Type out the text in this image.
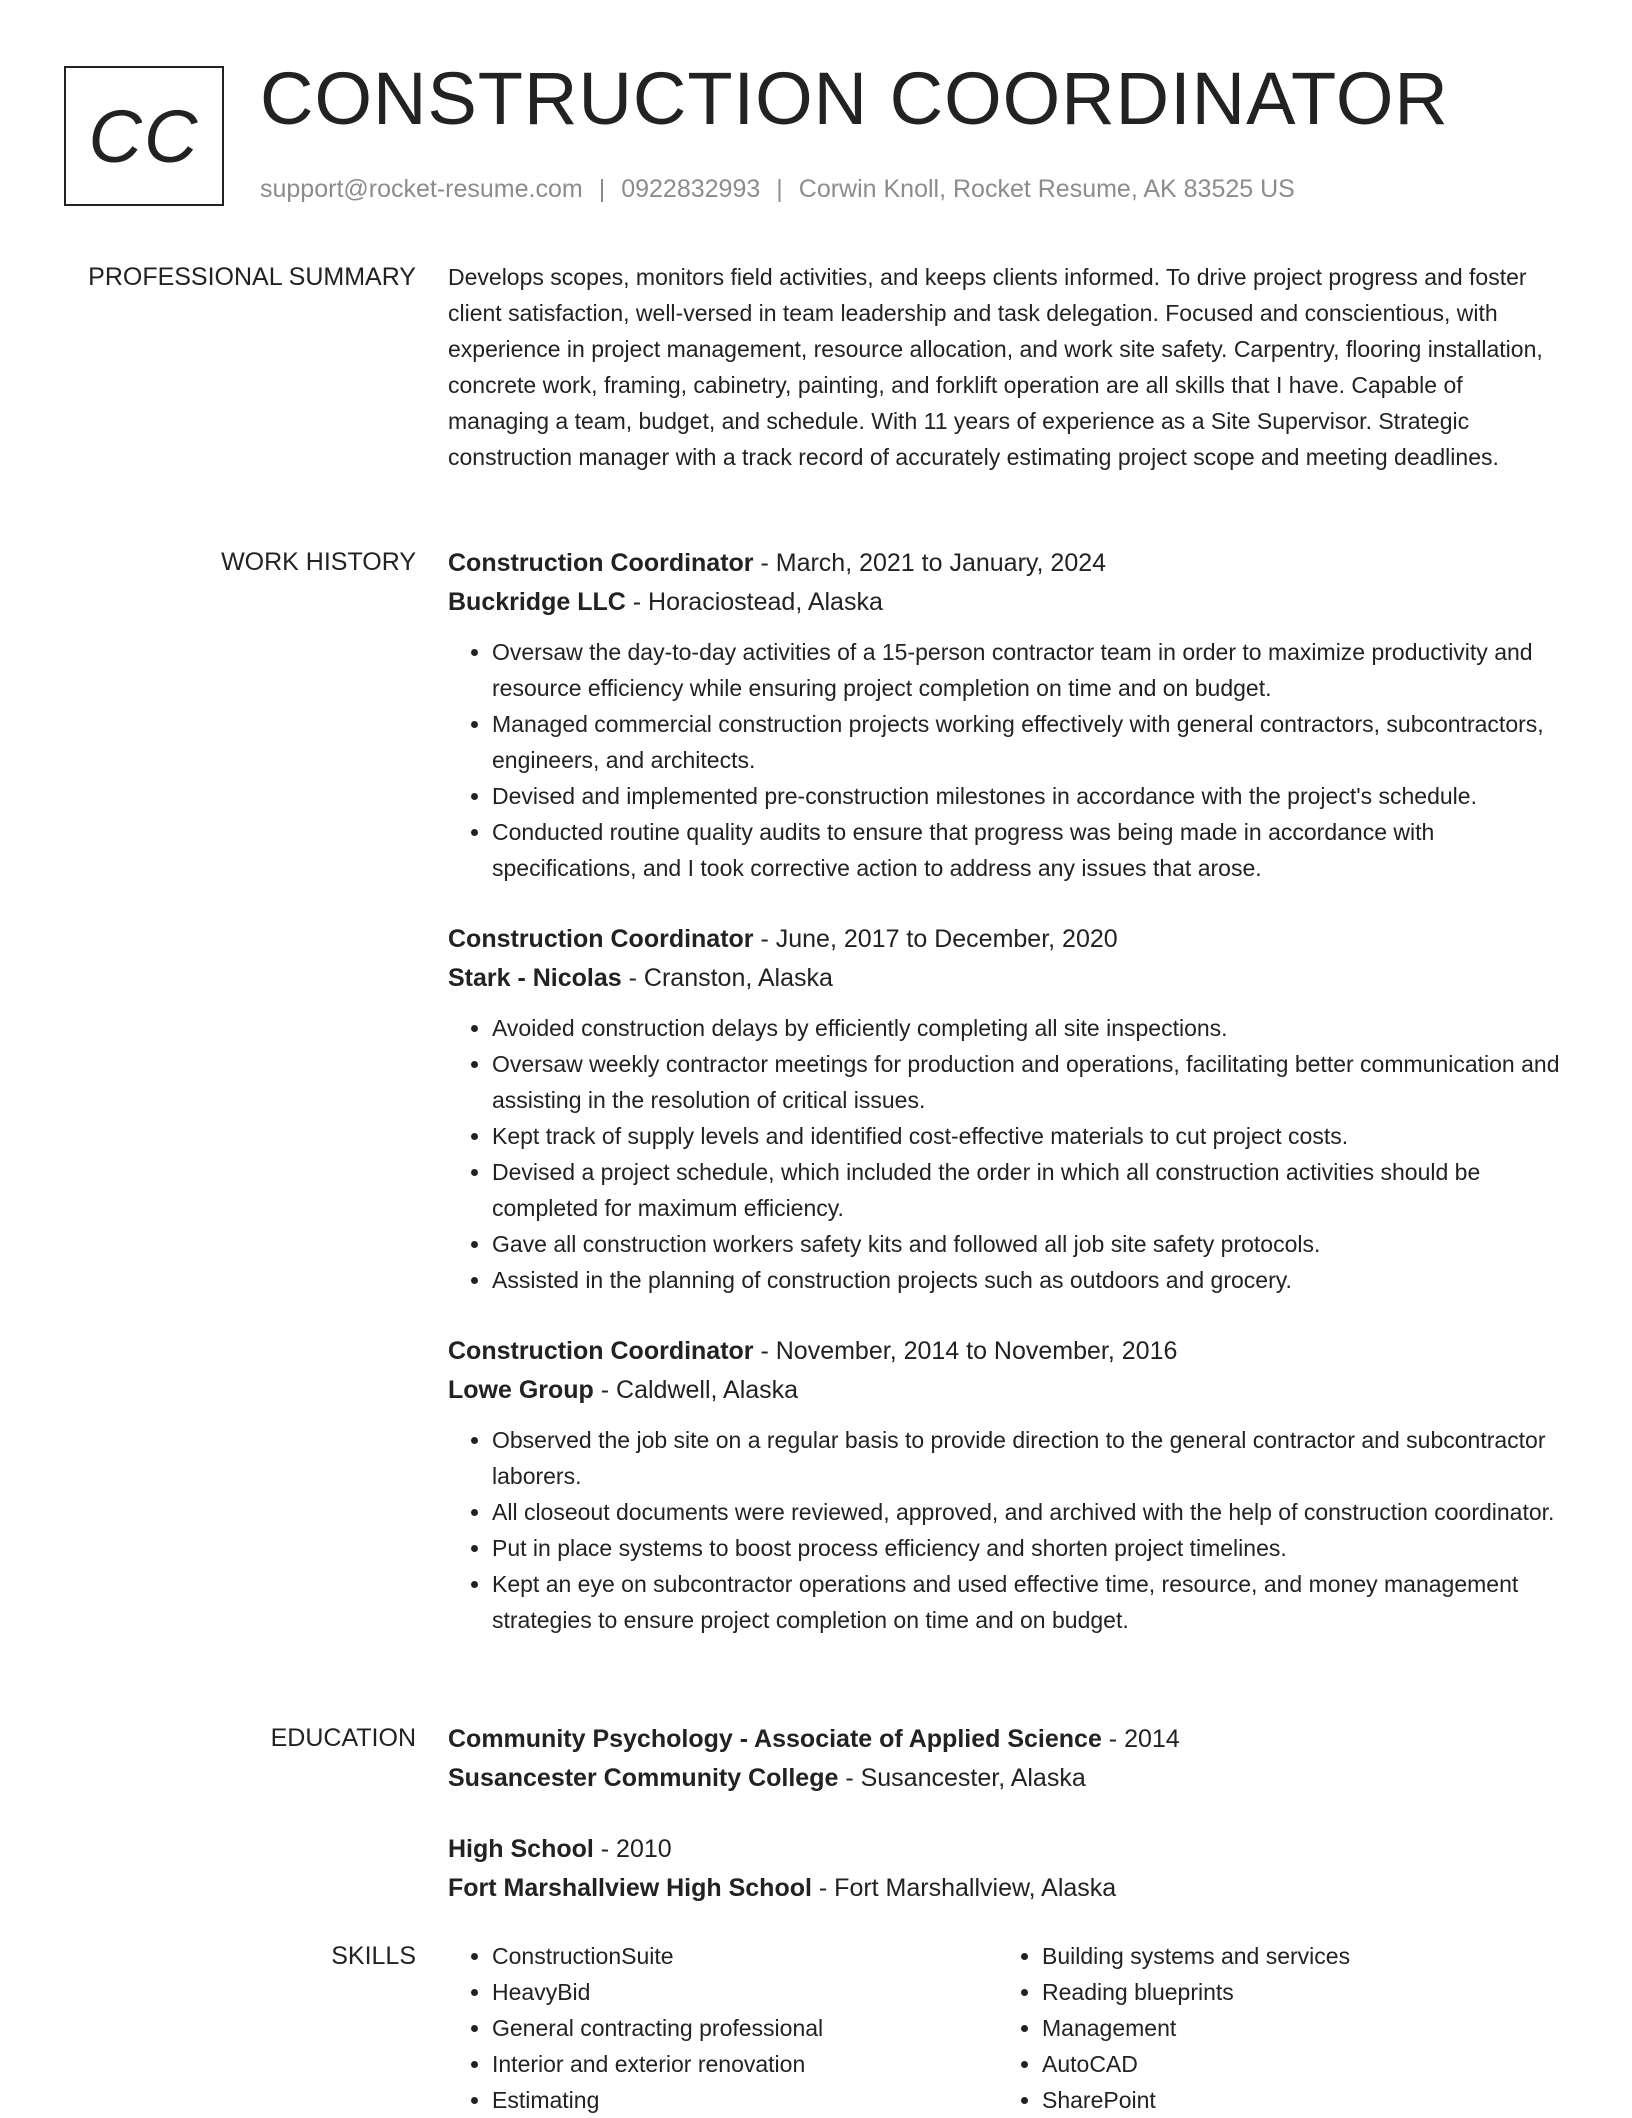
CC CONSTRUCTION COORDINATOR
support@rocket-resume.com | 0922832993 | Corwin Knoll, Rocket Resume, AK 83525 US
PROFESSIONAL SUMMARY Develops scopes, monitors field activities, and keeps clients informed. To drive project progress and foster client satisfaction, well-versed in team leadership and task delegation. Focused and conscientious, with experience in project management, resource allocation, and work site safety. Carpentry, flooring installation, concrete work, framing, cabinetry, painting, and forklift operation are all skills that I have. Capable of managing a team, budget, and schedule. With 11 years of experience as a Site Supervisor. Strategic construction manager with a track record of accurately estimating project scope and meeting deadlines.

WORK HISTORY Construction Coordinator - March, 2021 to January, 2024

Buckridge LLC - Horaciostead, Alaska

• Oversaw the day-to-day activities of a 15-person contractor team in order to maximize productivity and resource efficiency while ensuring project completion on time and on budget.
• Managed commercial construction projects working effectively with general contractors, subcontractors, engineers, and architects.
• Devised and implemented pre-construction milestones in accordance with the project's schedule.
• Conducted routine quality audits to ensure that progress was being made in accordance with specifications, and I took corrective action to address any issues that arose.

Construction Coordinator - June, 2017 to December, 2020

Stark - Nicolas - Cranston, Alaska

• Avoided construction delays by efficiently completing all site inspections.
• Oversaw weekly contractor meetings for production and operations, facilitating better communication and assisting in the resolution of critical issues.
• Kept track of supply levels and identified cost-effective materials to cut project costs.
• Devised a project schedule, which included the order in which all construction activities should be completed for maximum efficiency.
• Gave all construction workers safety kits and followed all job site safety protocols.
• Assisted in the planning of construction projects such as outdoors and grocery.

Construction Coordinator - November, 2014 to November, 2016

Lowe Group - Caldwell, Alaska

• Observed the job site on a regular basis to provide direction to the general contractor and subcontractor laborers.
• All closeout documents were reviewed, approved, and archived with the help of construction coordinator.
• Put in place systems to boost process efficiency and shorten project timelines.
• Kept an eye on subcontractor operations and used effective time, resource, and money management strategies to ensure project completion on time and on budget.
EDUCATION Community Psychology - Associate of Applied Science - 2014

Susancester Community College - Susancester, Alaska

High School - 2010

Fort Marshallview High School - Fort Marshallview, Alaska

SKILLS
•	ConstructionSuite
• HeavyBid
• General contracting professional
• Interior and exterior renovation
• Estimating
• Building systems and services
• Reading blueprints
• Management
• AutoCAD
• SharePoint
